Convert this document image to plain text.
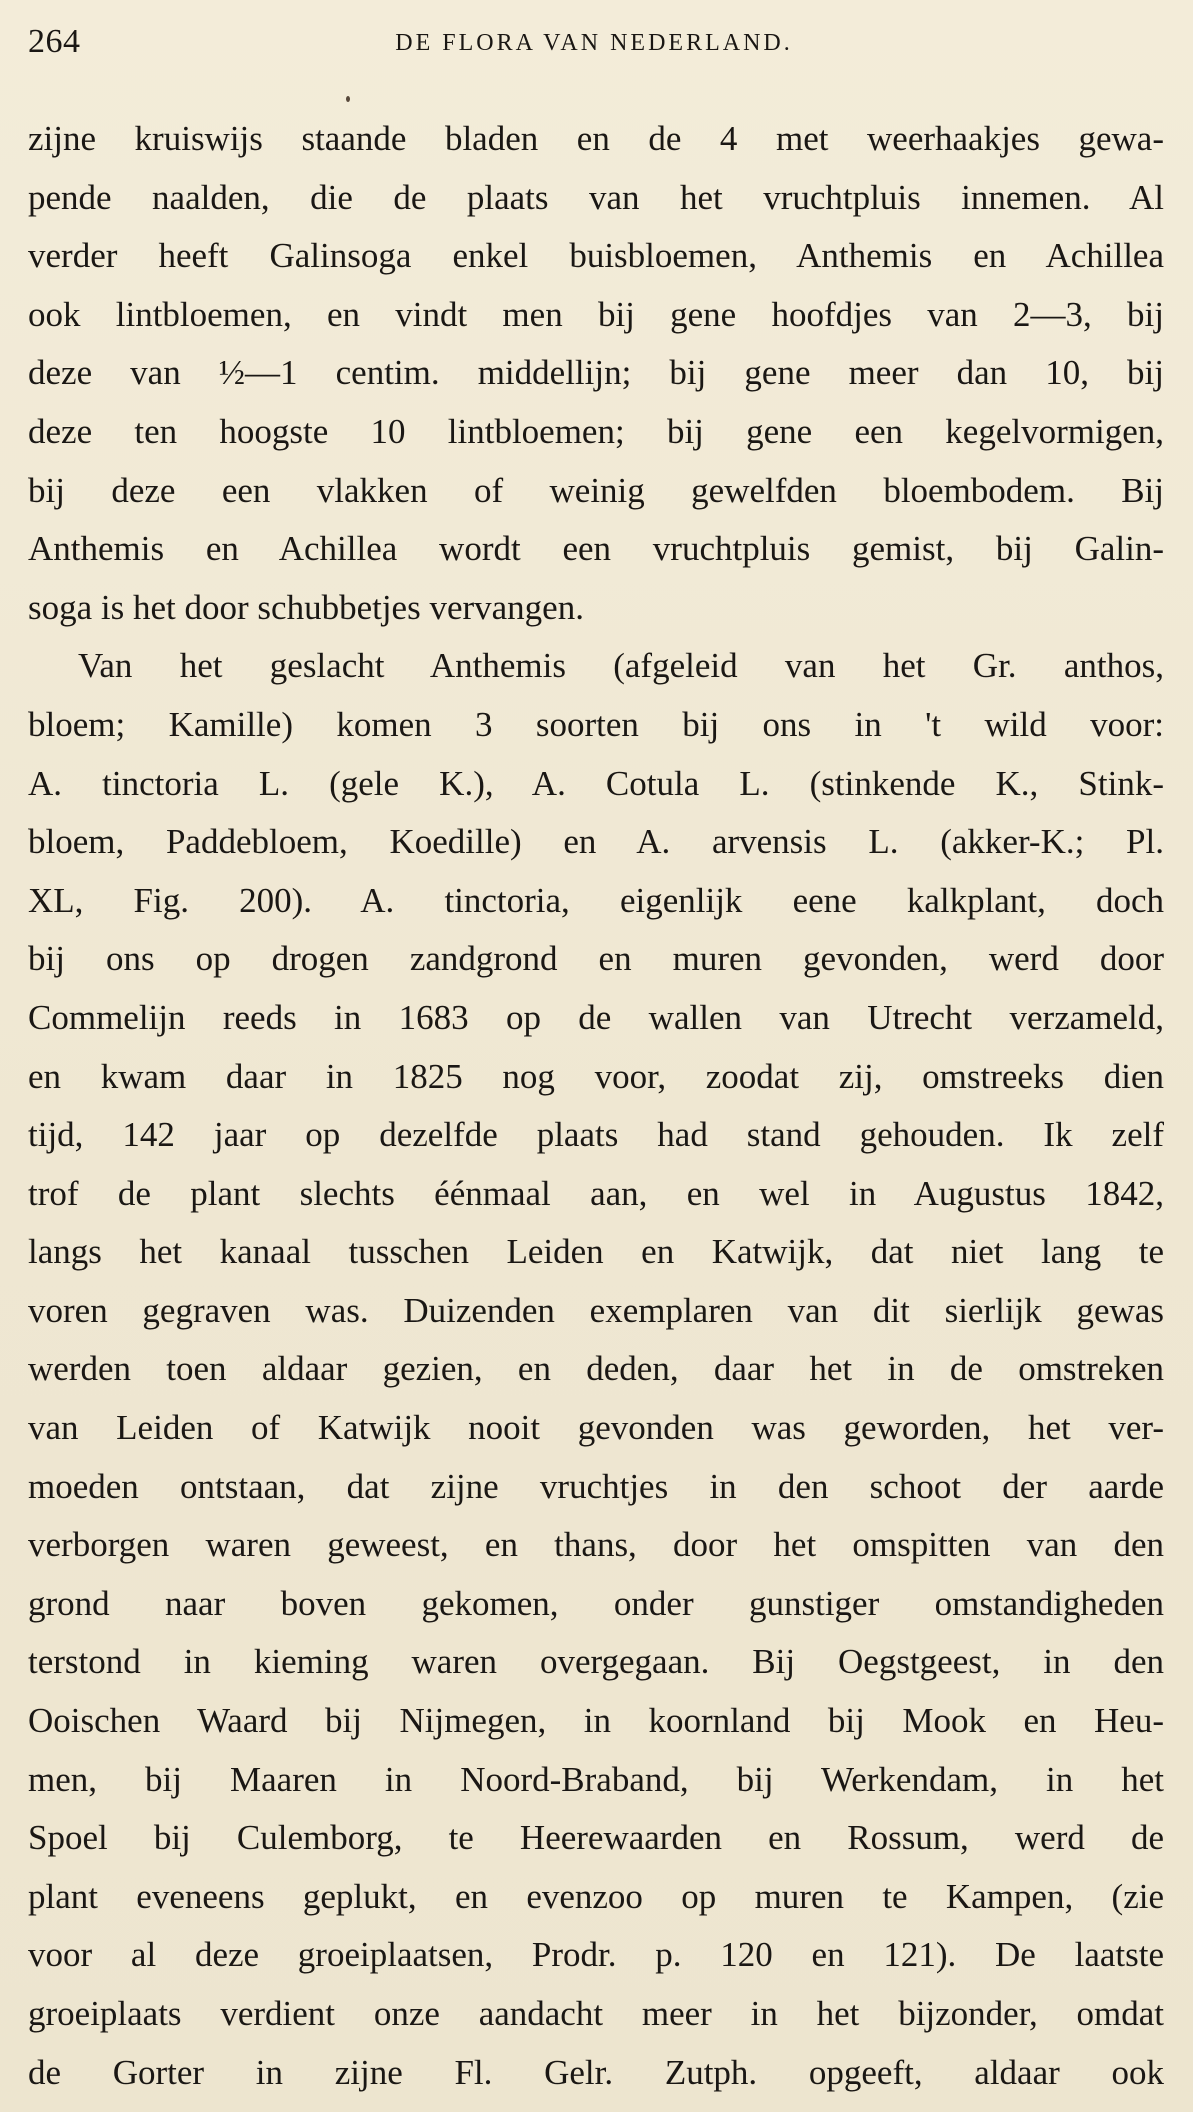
264	DE FLORA VAN NEDERLAND.
zijne kruiswijs staande bladen en de 4 met weerhaakjes gewa-
pende naalden, die de plaats van het vruchtpluis innemen. Al
verder heeft Galinsoga enkel buisbloemen, Anthemis en Achillea
ook lintbloemen, en vindt men bij gene hoofdjes van 2—3, bij
deze van ½—1 centim. middellijn; bij gene meer dan 10, bij
deze ten hoogste 10 lintbloemen; bij gene een kegelvormigen,
bij deze een vlakken of weinig gewelfden bloembodem. Bij
Anthemis en Achillea wordt een vruchtpluis gemist, bij Galin-
soga is het door schubbetjes vervangen.
Van het geslacht Anthemis (afgeleid van het Gr. anthos,
bloem; Kamille) komen 3 soorten bij ons in 't wild voor:
A. tinctoria L. (gele K.), A. Cotula L. (stinkende K., Stink-
bloem, Paddebloem, Koedille) en A. arvensis L. (akker-K.; Pl.
XL, Fig. 200). A. tinctoria, eigenlijk eene kalkplant, doch
bij ons op drogen zandgrond en muren gevonden, werd door
Commelijn reeds in 1683 op de wallen van Utrecht verzameld,
en kwam daar in 1825 nog voor, zoodat zij, omstreeks dien
tijd, 142 jaar op dezelfde plaats had stand gehouden. Ik zelf
trof de plant slechts éénmaal aan, en wel in Augustus 1842,
langs het kanaal tusschen Leiden en Katwijk, dat niet lang te
voren gegraven was. Duizenden exemplaren van dit sierlijk gewas
werden toen aldaar gezien, en deden, daar het in de omstreken
van Leiden of Katwijk nooit gevonden was geworden, het ver-
moeden ontstaan, dat zijne vruchtjes in den schoot der aarde
verborgen waren geweest, en thans, door het omspitten van den
grond naar boven gekomen, onder gunstiger omstandigheden
terstond in kieming waren overgegaan. Bij Oegstgeest, in den
Ooischen Waard bij Nijmegen, in koornland bij Mook en Heu-
men, bij Maaren in Noord-Braband, bij Werkendam, in het
Spoel bij Culemborg, te Heerewaarden en Rossum, werd de
plant eveneens geplukt, en evenzoo op muren te Kampen, (zie
voor al deze groeiplaatsen, Prodr. p. 120 en 121). De laatste
groeiplaats verdient onze aandacht meer in het bijzonder, omdat
de Gorter in zijne Fl. Gelr. Zutph. opgeeft, aldaar ook
